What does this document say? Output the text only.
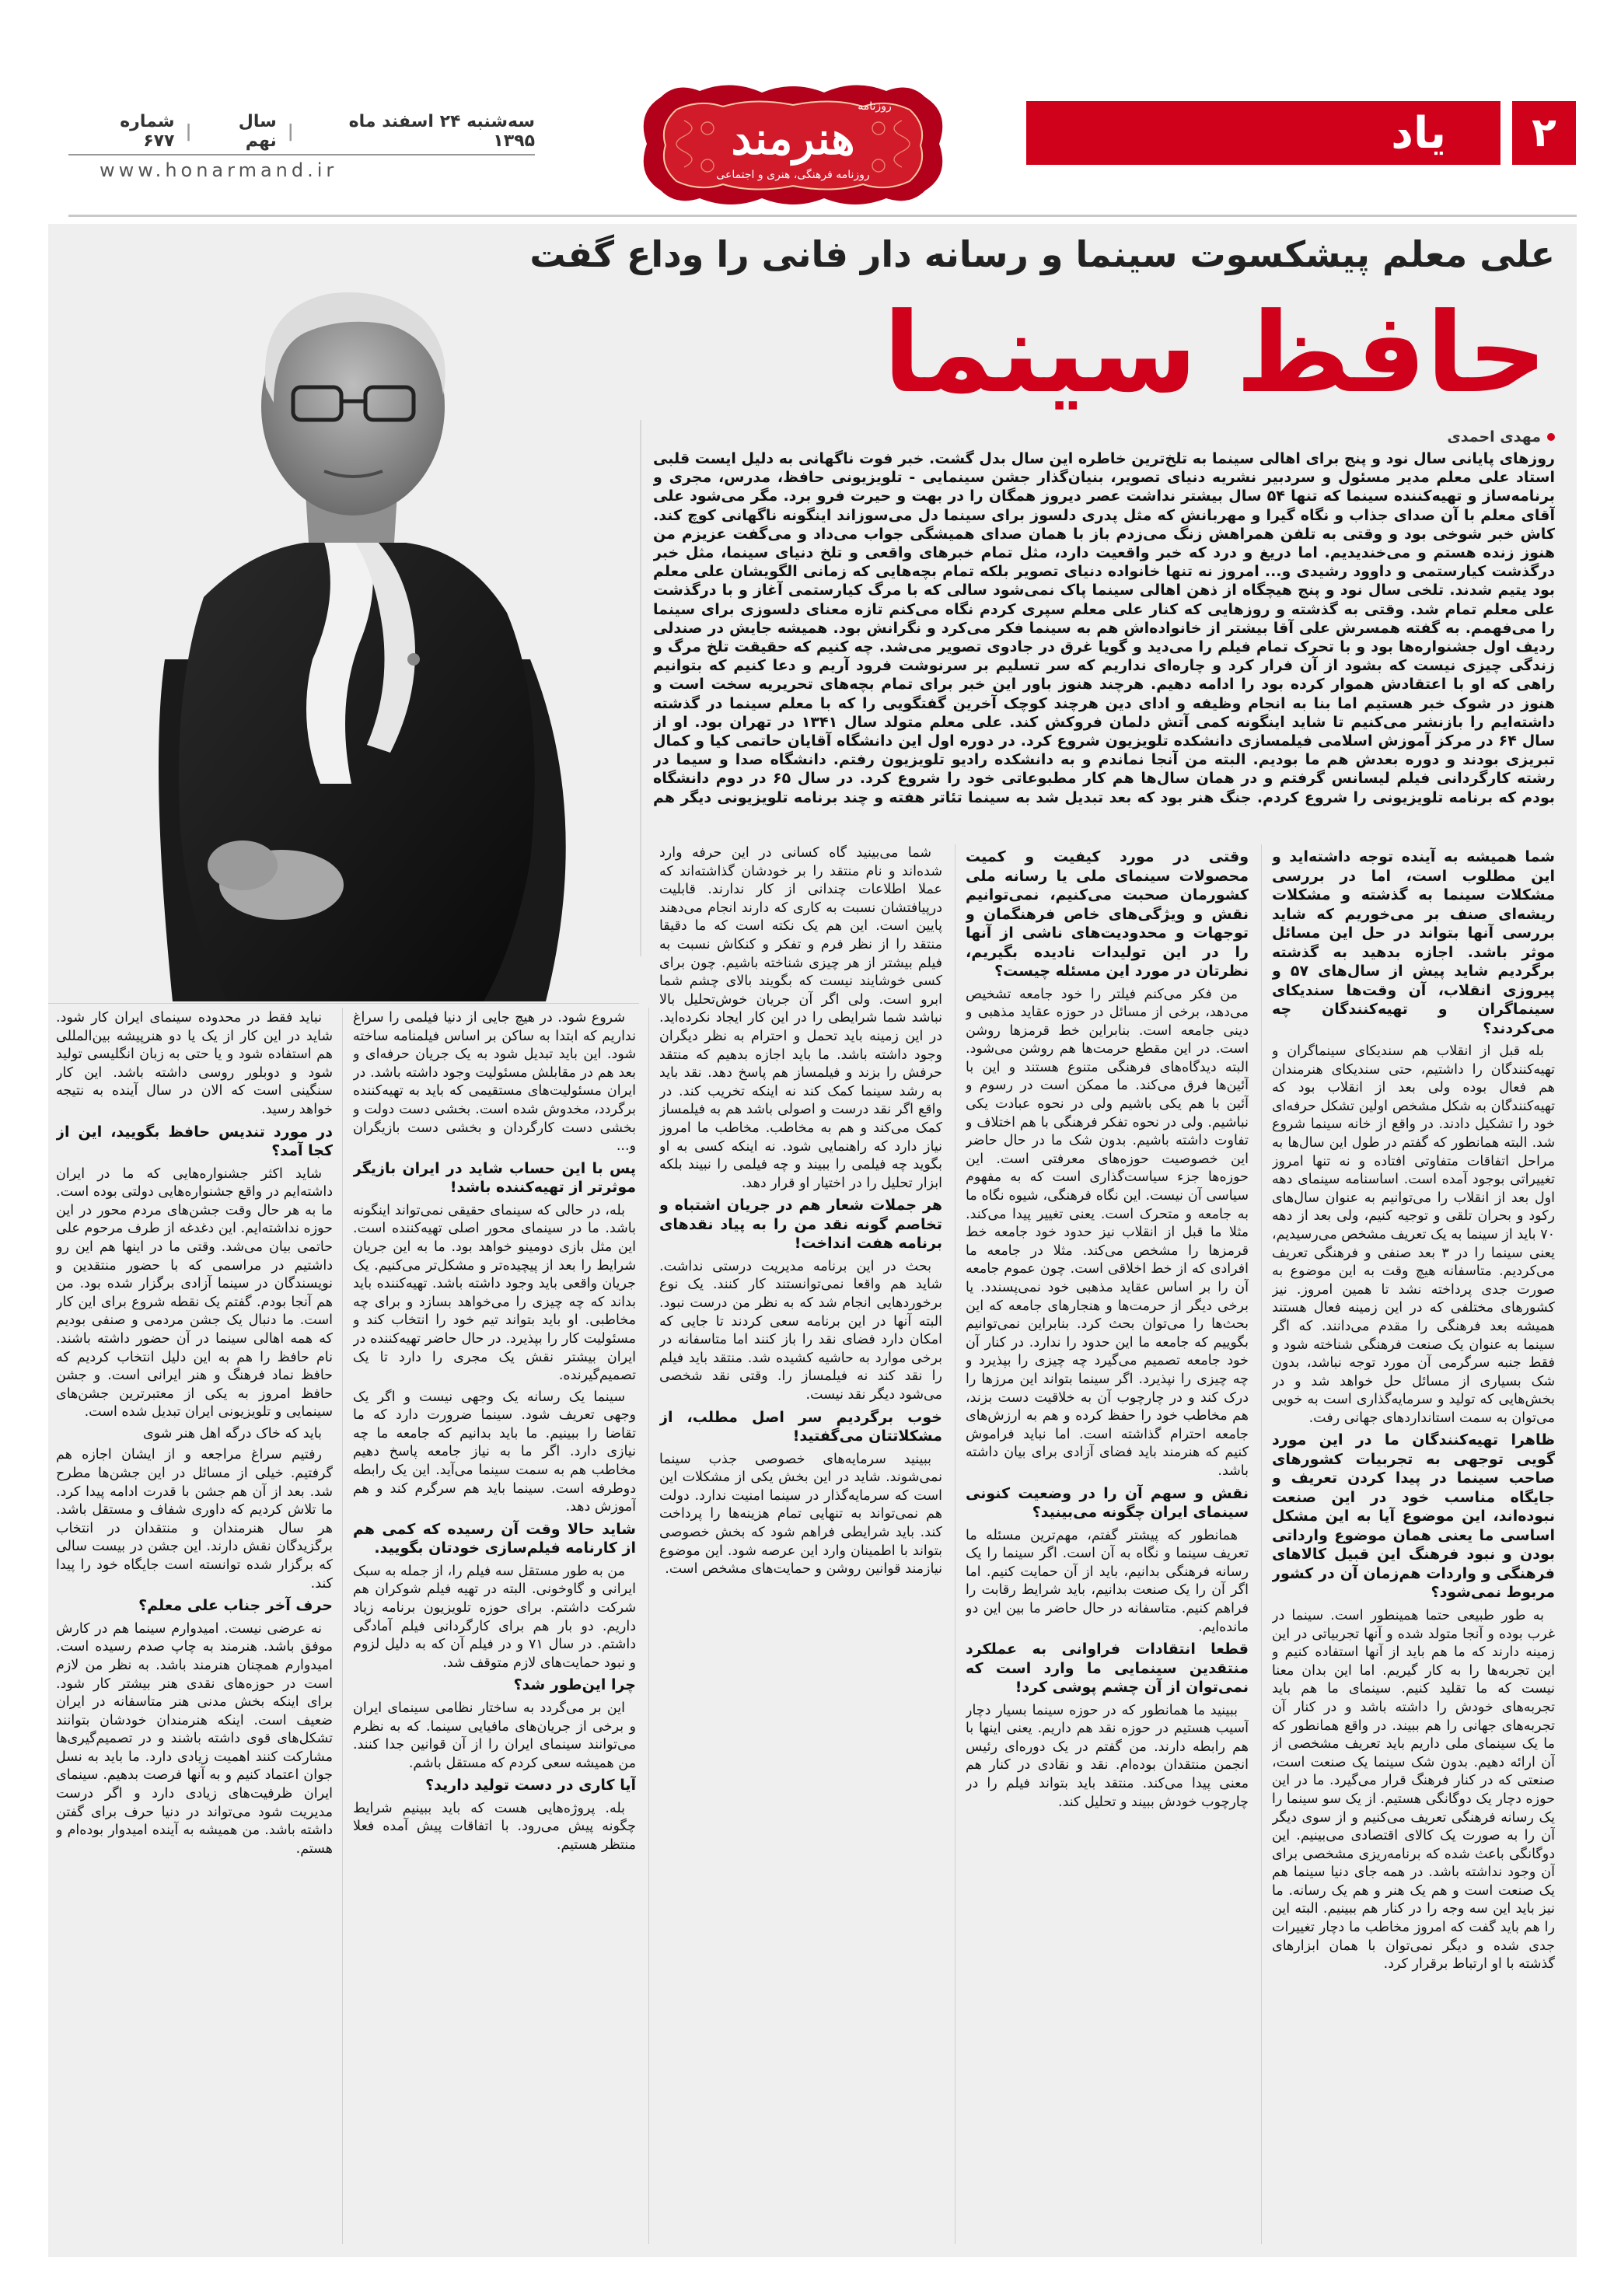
۲
یاد
هنرمند
روزنامه
روزنامه فرهنگی، هنری و اجتماعی
سه‌شنبه ۲۴ اسفند ماه ۱۳۹۵
|
سال نهم
|
شماره ۶۷۷
www.honarmand.ir
علی معلم پیشکسوت سینما و رسانه دار فانی را وداع گفت
حافظ سینما
مهدی احمدی
روزهای پایانی سال نود و پنج برای اهالی سینما به تلخ‌ترین خاطره این سال بدل گشت. خبر فوت ناگهانی به دلیل ایست قلبی استاد علی معلم مدیر مسئول و سردبیر نشریه دنیای تصویر، بنیان‌گذار جشن سینمایی - تلویزیونی حافظ، مدرس، مجری و برنامه‌ساز و تهیه‌کننده سینما که تنها ۵۴ سال بیشتر نداشت عصر دیروز همگان را در بهت و حیرت فرو برد. مگر می‌شود علی آقای معلم با آن صدای جذاب و نگاه گیرا و مهربانش که مثل پدری دلسوز برای سینما دل می‌سوزاند اینگونه ناگهانی کوچ کند. کاش خبر شوخی بود و وقتی به تلفن همراهش زنگ می‌زدم باز با همان صدای همیشگی جواب می‌داد و می‌گفت عزیزم من هنوز زنده هستم و می‌خندیدیم. اما دریغ و درد که خبر واقعیت دارد، مثل تمام خبرهای واقعی و تلخ دنیای سینما، مثل خبر درگذشت کیارستمی و داوود رشیدی و... امروز نه تنها خانواده دنیای تصویر بلکه تمام بچه‌هایی که زمانی الگویشان علی معلم بود یتیم شدند. تلخی سال نود و پنج هیچگاه از ذهن اهالی سینما پاک نمی‌شود سالی که با مرگ کیارستمی آغاز و با درگذشت علی معلم تمام شد. وقتی به گذشته و روزهایی که کنار علی معلم سپری کردم نگاه می‌کنم تازه معنای دلسوزی برای سینما را می‌فهمم. به گفته همسرش علی آقا بیشتر از خانواده‌اش هم به سینما فکر می‌کرد و نگرانش بود. همیشه جایش در صندلی ردیف اول جشنواره‌ها بود و با تحرک تمام فیلم را می‌دید و گویا غرق در جادوی تصویر می‌شد. چه کنیم که حقیقت تلخ مرگ و زندگی چیزی نیست که بشود از آن فرار کرد و چاره‌ای نداریم که سر تسلیم بر سرنوشت فرود آریم و دعا کنیم که بتوانیم راهی که او با اعتقادش هموار کرده بود را ادامه دهیم. هرچند هنوز باور این خبر برای تمام بچه‌های تحریریه سخت است و هنوز در شوک خبر هستیم اما بنا به انجام وظیفه و ادای دین هرچند کوچک آخرین گفتگویی را که با معلم سینما در گذشته داشته‌ایم را بازنشر می‌کنیم تا شاید اینگونه کمی آتش دلمان فروکش کند. علی معلم متولد سال ۱۳۴۱ در تهران بود. او از سال ۶۴ در مرکز آموزش اسلامی فیلمسازی دانشکده تلویزیون شروع کرد. در دوره اول این دانشگاه آقایان حاتمی کیا و کمال تبریزی بودند و دوره بعدش هم ما بودیم. البته من آنجا نماندم و به دانشکده رادیو تلویزیون رفتم. دانشگاه صدا و سیما در رشته کارگردانی فیلم لیسانس گرفتم و در همان سال‌ها هم کار مطبوعاتی خود را شروع کرد. در سال ۶۵ در دوم دانشگاه بودم که برنامه تلویزیونی را شروع کردم. جنگ هنر بود که بعد تبدیل شد به سینما تئاتر هفته و چند برنامه تلویزیونی دیگر هم

شما همیشه به آینده توجه داشته‌اید و این مطلوب است، اما در بررسی مشکلات سینما به گذشته و مشکلات ریشه‌ای صنف بر می‌خوریم که شاید بررسی آنها بتواند در حل این مسائل موثر باشد. اجازه بدهید به گذشته برگردیم شاید پیش از سال‌های ۵۷ و پیروزی انقلاب، آن وقت‌ها سندیکای سینماگران و تهیه‌کنندگان چه می‌کردند؟

بله قبل از انقلاب هم سندیکای سینماگران و تهیه‌کنندگان را داشتیم، حتی سندیکای هنرمندان هم فعال بوده ولی بعد از انقلاب بود که تهیه‌کنندگان به شکل مشخص اولین تشکل حرفه‌ای خود را تشکیل دادند. در واقع از خانه سینما شروع شد. البته همانطور که گفتم در طول این سال‌ها به مراحل اتفاقات متفاوتی افتاده و نه تنها امروز تغییراتی بوجود آمده است. اساسنامه سینمای دهه اول بعد از انقلاب را می‌توانیم به عنوان سال‌های رکود و بحران تلقی و توجیه کنیم، ولی بعد از دهه ۷۰ باید از سینما به یک تعریف مشخص می‌رسیدیم، یعنی سینما را در ۳ بعد صنفی و فرهنگی تعریف می‌کردیم. متاسفانه هیچ وقت به این موضوع به صورت جدی پرداخته نشد تا همین امروز. نیز کشورهای مختلفی که در این زمینه فعال هستند همیشه بعد فرهنگی را مقدم می‌دانند. که اگر سینما به عنوان یک صنعت فرهنگی شناخته شود و فقط جنبه سرگرمی آن مورد توجه نباشد، بدون شک بسیاری از مسائل حل خواهد شد و در بخش‌هایی که تولید و سرمایه‌گذاری است به خوبی می‌توان به سمت استانداردهای جهانی رفت.

ظاهرا تهیه‌کنندگان ما در این مورد گویی توجهی به تجربیات کشورهای صاحب سینما در پیدا کردن تعریف و جایگاه مناسب خود در این صنعت نبوده‌اند، این موضوع آیا به این مشکل اساسی ما یعنی همان موضوع وارداتی بودن و نبود فرهنگ این قبیل کالاهای فرهنگی و واردات هم‌زمان آن در کشور مربوط نمی‌شود؟

به طور طبیعی حتما همینطور است. سینما در غرب بوده و آنجا متولد شده و آنها تجربیاتی در این زمینه دارند که ما هم باید از آنها استفاده کنیم و این تجربه‌ها را به کار گیریم. اما این بدان معنا نیست که ما تقلید کنیم. سینمای ما هم باید تجربه‌های خودش را داشته باشد و در کنار آن تجربه‌های جهانی را هم ببیند. در واقع همانطور که ما یک سینمای ملی داریم باید تعریف مشخصی از آن ارائه دهیم. بدون شک سینما یک صنعت است، صنعتی که در کنار فرهنگ قرار می‌گیرد. ما در این حوزه دچار یک دوگانگی هستیم. از یک سو سینما را یک رسانه فرهنگی تعریف می‌کنیم و از سوی دیگر آن را به صورت یک کالای اقتصادی می‌بینیم. این دوگانگی باعث شده که برنامه‌ریزی مشخصی برای آن وجود نداشته باشد. در همه جای دنیا سینما هم یک صنعت است و هم یک هنر و هم یک رسانه. ما نیز باید این سه وجه را در کنار هم ببینیم. البته این را هم باید گفت که امروز مخاطب ما دچار تغییرات جدی شده و دیگر نمی‌توان با همان ابزارهای گذشته با او ارتباط برقرار کرد.

وقتی در مورد کیفیت و کمیت محصولات سینمای ملی یا رسانه ملی کشورمان صحبت می‌کنیم، نمی‌توانیم نقش و ویژگی‌های خاص فرهنگمان و توجهات و محدودیت‌های ناشی از آنها را در این تولیدات نادیده بگیریم، نظرتان در مورد این مسئله چیست؟

من فکر می‌کنم فیلتر را خود جامعه تشخیص می‌دهد، برخی از مسائل در حوزه عقاید مذهبی و دینی جامعه است. بنابراین خط قرمزها روشن است. در این مقطع حرمت‌ها هم روشن می‌شود. البته دیدگاه‌های فرهنگی متنوع هستند و این با آئین‌ها فرق می‌کند. ما ممکن است در رسوم و آئین با هم یکی باشیم ولی در نحوه عبادت یکی نباشیم. ولی در نحوه تفکر فرهنگی با هم اختلاف و تفاوت داشته باشیم. بدون شک ما در حال حاضر این خصوصیت حوزه‌های معرفتی است. این حوزه‌ها جزء سیاست‌گذاری است که به مفهوم سیاسی آن نیست. این نگاه فرهنگی، شیوه نگاه ما به جامعه و متحرک است. یعنی تغییر پیدا می‌کند. مثلا ما قبل از انقلاب نیز حدود خود جامعه خط قرمزها را مشخص می‌کند. مثلا در جامعه ما افرادی که از خط اخلاقی است. چون عموم جامعه آن را بر اساس عقاید مذهبی خود نمی‌پسندد. یا برخی دیگر از حرمت‌ها و هنجارهای جامعه که این بحث‌ها را می‌توان بحث کرد. بنابراین نمی‌توانیم بگوییم که جامعه ما این حدود را ندارد. در کنار آن خود جامعه تصمیم می‌گیرد چه چیزی را بپذیرد و چه چیزی را نپذیرد. اگر سینما بتواند این مرزها را درک کند و در چارچوب آن به خلاقیت دست بزند، هم مخاطب خود را حفظ کرده و هم به ارزش‌های جامعه احترام گذاشته است. اما نباید فراموش کنیم که هنرمند باید فضای آزادی برای بیان داشته باشد.

نقش و سهم آن را در وضعیت کنونی سینمای ایران چگونه می‌بینید؟

همانطور که پیشتر گفتم، مهم‌ترین مسئله ما تعریف سینما و نگاه به آن است. اگر سینما را یک رسانه فرهنگی بدانیم، باید از آن حمایت کنیم. اما اگر آن را یک صنعت بدانیم، باید شرایط رقابت را فراهم کنیم. متاسفانه در حال حاضر ما بین این دو مانده‌ایم.

قطعا انتقادات فراوانی به عملکرد منتقدین سینمایی ما وارد است که نمی‌توان از آن چشم پوشی کرد!

ببینید ما همانطور که در حوزه سینما بسیار دچار آسیب هستیم در حوزه نقد هم داریم. یعنی اینها با هم رابطه دارند. من گفتم در یک دوره‌ای رئیس انجمن منتقدان بوده‌ام. نقد و نقادی در کنار هم معنی پیدا می‌کند. منتقد باید بتواند فیلم را در چارچوب خودش ببیند و تحلیل کند.

شما می‌بینید گاه کسانی در این حرفه وارد شده‌اند و نام منتقد را بر خودشان گذاشته‌اند که عملا اطلاعات چندانی از کار ندارند. قابلیت درپیافتشان نسبت به کاری که دارند انجام می‌دهند پایین است. این هم یک نکته است که ما دقیقا منتقد را از نظر فرم و تفکر و کنکاش نسبت به فیلم بیشتر از هر چیزی شناخته باشیم. چون برای کسی خوشایند نیست که بگویند بالای چشم شما ابرو است. ولی اگر آن جریان خوش‌تحلیل بالا نباشد شما شرایطی را در این کار ایجاد نکرده‌اید. در این زمینه باید تحمل و احترام به نظر دیگران وجود داشته باشد. ما باید اجازه بدهیم که منتقد حرفش را بزند و فیلمساز هم پاسخ دهد. نقد باید به رشد سینما کمک کند نه اینکه تخریب کند. در واقع اگر نقد درست و اصولی باشد هم به فیلمساز کمک می‌کند و هم به مخاطب. مخاطب ما امروز نیاز دارد که راهنمایی شود. نه اینکه کسی به او بگوید چه فیلمی را ببیند و چه فیلمی را نبیند بلکه ابزار تحلیل را در اختیار او قرار دهد.

هر جملات شعار هم در جریان اشتباه و تخاصم گونه نقد من را به پیاد نقدهای برنامه هفت انداخت!

بحث در این برنامه مدیریت درستی نداشت. شاید هم واقعا نمی‌توانستند کار کنند. یک نوع برخوردهایی انجام شد که به نظر من درست نبود. البته آنها در این برنامه سعی کردند تا جایی که امکان دارد فضای نقد را باز کنند اما متاسفانه در برخی موارد به حاشیه کشیده شد. منتقد باید فیلم را نقد کند نه فیلمساز را. وقتی نقد شخصی می‌شود دیگر نقد نیست.

خوب برگردیم سر اصل مطلب، از مشکلاتتان می‌گفتید!

ببینید سرمایه‌های خصوصی جذب سینما نمی‌شوند. شاید در این بخش یکی از مشکلات این است که سرمایه‌گذار در سینما امنیت ندارد. دولت هم نمی‌تواند به تنهایی تمام هزینه‌ها را پرداخت کند. باید شرایطی فراهم شود که بخش خصوصی بتواند با اطمینان وارد این عرصه شود. این موضوع نیازمند قوانین روشن و حمایت‌های مشخص است.

شروع شود. در هیچ جایی از دنیا فیلمی را سراغ نداریم که ابتدا به ساکن بر اساس فیلمنامه ساخته شود. این باید تبدیل شود به یک جریان حرفه‌ای و بعد هم در مقابلش مسئولیت وجود داشته باشد. در ایران مسئولیت‌های مستقیمی که باید به تهیه‌کننده برگردد، مخدوش شده است. بخشی دست دولت و بخشی دست کارگردان و بخشی دست بازیگران و...

پس با این حساب شاید در ایران بازیگر موثرتر از تهیه‌کننده باشد!

بله، در حالی که سینمای حقیقی نمی‌تواند اینگونه باشد. ما در سینمای محور اصلی تهیه‌کننده است. این مثل بازی دومینو خواهد بود. ما به این جریان شرایط را بعد از پیچیده‌تر و مشکل‌تر می‌کنیم. یک جریان واقعی باید وجود داشته باشد. تهیه‌کننده باید بداند که چه چیزی را می‌خواهد بسازد و برای چه مخاطبی. او باید بتواند تیم خود را انتخاب کند و مسئولیت کار را بپذیرد. در حال حاضر تهیه‌کننده در ایران بیشتر نقش یک مجری را دارد تا یک تصمیم‌گیرنده.

سینما یک رسانه یک وجهی نیست و اگر یک وجهی تعریف شود. سینما ضرورت دارد که ما تقاضا را ببینیم. ما باید بدانیم که جامعه ما چه نیازی دارد. اگر ما به نیاز جامعه پاسخ دهیم مخاطب هم به سمت سینما می‌آید. این یک رابطه دوطرفه است. سینما باید هم سرگرم کند و هم آموزش دهد.

شاید حالا وقت آن رسیده که کمی هم از کارنامه فیلم‌سازی خودتان بگویید.

من به طور مستقل سه فیلم را، از جمله به سبک ایرانی و گاوخونی. البته در تهیه فیلم شوکران هم شرکت داشتم. برای حوزه تلویزیون برنامه زیاد داریم. دو بار هم برای کارگردانی فیلم آمادگی داشتم. در سال ۷۱ و در فیلم آن که به دلیل لزوم و نبود حمایت‌های لازم متوقف شد.

چرا این‌طور شد؟

این بر می‌گردد به ساختار نظامی سینمای ایران و برخی از جریان‌های مافیایی سینما. که به نظرم می‌توانند سینمای ایران را از آن قوانین جدا کنند. من همیشه سعی کردم که مستقل باشم.

آیا کاری در دست تولید دارید؟

بله. پروژه‌هایی هست که باید ببینیم شرایط چگونه پیش می‌رود. با اتفاقات پیش آمده فعلا منتظر هستیم.

نباید فقط در محدوده سینمای ایران کار شود. شاید در این کار از یک یا دو هنرپیشه بین‌المللی هم استفاده شود و یا حتی به زبان انگلیسی تولید شود و دوبلور روسی داشته باشد. این کار سنگینی است که الان در سال آینده به نتیجه خواهد رسید.

در مورد تندیس حافظ بگویید، این از کجا آمد؟

شاید اکثر جشنواره‌هایی که ما در ایران داشته‌ایم در واقع جشنواره‌هایی دولتی بوده است. ما به هر حال وقت جشن‌های مردم محور در این حوزه نداشته‌ایم. این دغدغه از طرف مرحوم علی حاتمی بیان می‌شد. وقتی ما در اینها هم این رو داشتیم در مراسمی که با حضور منتقدین و نویسندگان در سینما آزادی برگزار شده بود. من هم آنجا بودم. گفتم یک نقطه شروع برای این کار است. ما دنبال یک جشن مردمی و صنفی بودیم که همه اهالی سینما در آن حضور داشته باشند. نام حافظ را هم به این دلیل انتخاب کردیم که حافظ نماد فرهنگ و هنر ایرانی است. و جشن حافظ امروز به یکی از معتبرترین جشن‌های سینمایی و تلویزیونی ایران تبدیل شده است.

باید که خاک درگه اهل هنر شوی

رفتیم سراغ مراجعه و از ایشان اجازه هم گرفتیم. خیلی از مسائل در این جشن‌ها مطرح شد. بعد از آن هم جشن با قدرت ادامه پیدا کرد. ما تلاش کردیم که داوری شفاف و مستقل باشد. هر سال هنرمندان و منتقدان در انتخاب برگزیدگان نقش دارند. این جشن در بیست سالی که برگزار شده توانسته است جایگاه خود را پیدا کند.

حرف آخر جناب علی معلم؟

نه عرضی نیست. امیدوارم سینما هم در کارش موفق باشد. هنرمند به چاپ صدم رسیده است. امیدوارم همچنان هنرمند باشد. به نظر من لازم است در حوزه‌های نقدی هنر بیشتر کار شود. برای اینکه بخش مدنی هنر متاسفانه در ایران ضعیف است. اینکه هنرمندان خودشان بتوانند تشکل‌های قوی داشته باشند و در تصمیم‌گیری‌ها مشارکت کنند اهمیت زیادی دارد. ما باید به نسل جوان اعتماد کنیم و به آنها فرصت بدهیم. سینمای ایران ظرفیت‌های زیادی دارد و اگر درست مدیریت شود می‌تواند در دنیا حرف برای گفتن داشته باشد. من همیشه به آینده امیدوار بوده‌ام و هستم.
